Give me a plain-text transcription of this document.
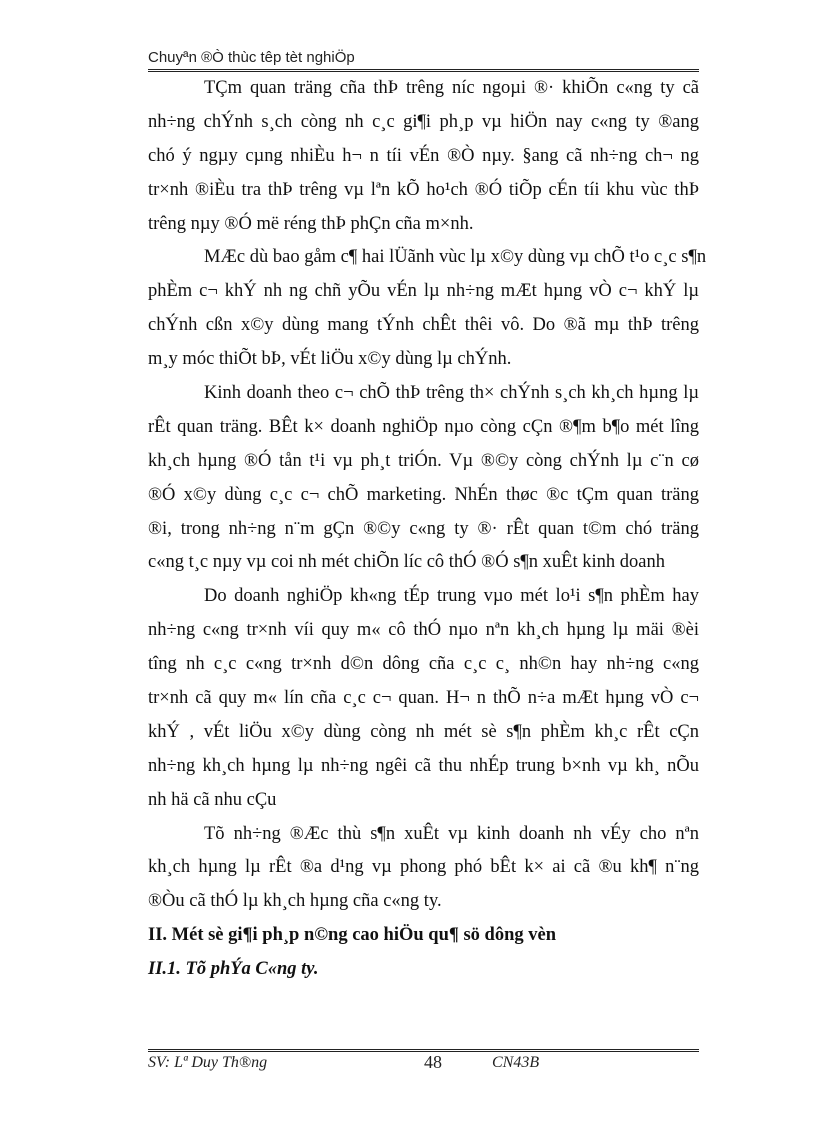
Chuyªn ®Ò thùc têp tèt nghiÖp
TÇm quan träng cña thÞ trêng níc ngoµi ®· khiÕn c«ng ty cã
nh÷ng chÝnh s¸ch còng nh c¸c gi¶i ph¸p vµ hiÖn nay c«ng ty ®ang
chó ý ngµy cµng nhiÈu h¬ n tíi vÉn ®Ò nµy. §ang cã nh÷ng ch¬ ng
tr×nh ®iÈu tra thÞ trêng vµ lªn kÕ ho¹ch ®Ó tiÕp cÉn tíi khu vùc thÞ
trêng nµy ®Ó më réng thÞ phÇn cña m×nh.
MÆc dù bao gåm c¶ hai lÜãnh vùc lµ x©y dùng vµ chÕ t¹o c¸c s¶n
phÈm c¬ khÝ nh ng chñ yÕu vÉn lµ nh÷ng mÆt hµng vÒ c¬ khÝ lµ
chÝnh cßn x©y dùng mang tÝnh chÊt thêi vô. Do ®ã mµ thÞ trêng
m¸y móc thiÕt bÞ, vÉt liÖu x©y dùng lµ chÝnh.
Kinh doanh theo c¬ chÕ thÞ trêng th× chÝnh s¸ch kh¸ch hµng lµ
rÊt quan träng. BÊt k× doanh nghiÖp nµo còng cÇn ®¶m b¶o mét lîng
kh¸ch hµng ®Ó tån t¹i vµ ph¸t triÓn. Vµ ®©y còng chÝnh lµ c¨n cø
®Ó x©y dùng c¸c c¬ chÕ marketing. NhÉn thøc ®c tÇm quan träng
®i, trong nh÷ng n¨m gÇn ®©y c«ng ty ®· rÊt quan t©m chó träng
c«ng t¸c nµy vµ coi nh mét chiÕn líc cô thÓ ®Ó s¶n xuÊt kinh doanh
Do doanh nghiÖp kh«ng tÉp trung vµo mét lo¹i s¶n phÈm hay
nh÷ng c«ng tr×nh víi quy m« cô thÓ nµo nªn kh¸ch hµng lµ mäi ®èi
tîng nh c¸c c«ng tr×nh d©n dông cña c¸c c¸ nh©n hay nh÷ng c«ng
tr×nh cã quy m« lín cña c¸c c¬ quan. H¬ n thÕ n÷a mÆt hµng vÒ c¬
khÝ , vÉt liÖu x©y dùng còng nh mét sè s¶n phÈm kh¸c rÊt cÇn
nh÷ng kh¸ch hµng lµ nh÷ng ngêi cã thu nhÉp trung b×nh vµ kh¸ nÕu
nh hä cã nhu cÇu
Tõ nh÷ng ®Æc thù s¶n xuÊt vµ kinh doanh nh vÉy cho nªn
kh¸ch hµng lµ rÊt ®a d¹ng vµ phong phó bÊt k× ai cã ®u kh¶ n¨ng
®Òu cã thÓ lµ kh¸ch hµng cña c«ng ty.
II. Mét sè gi¶i ph¸p n©ng cao hiÖu qu¶ sö dông vèn
II.1. Tõ phÝa C«ng ty.
SV: Lª Duy Th®ng	48	CN43B
